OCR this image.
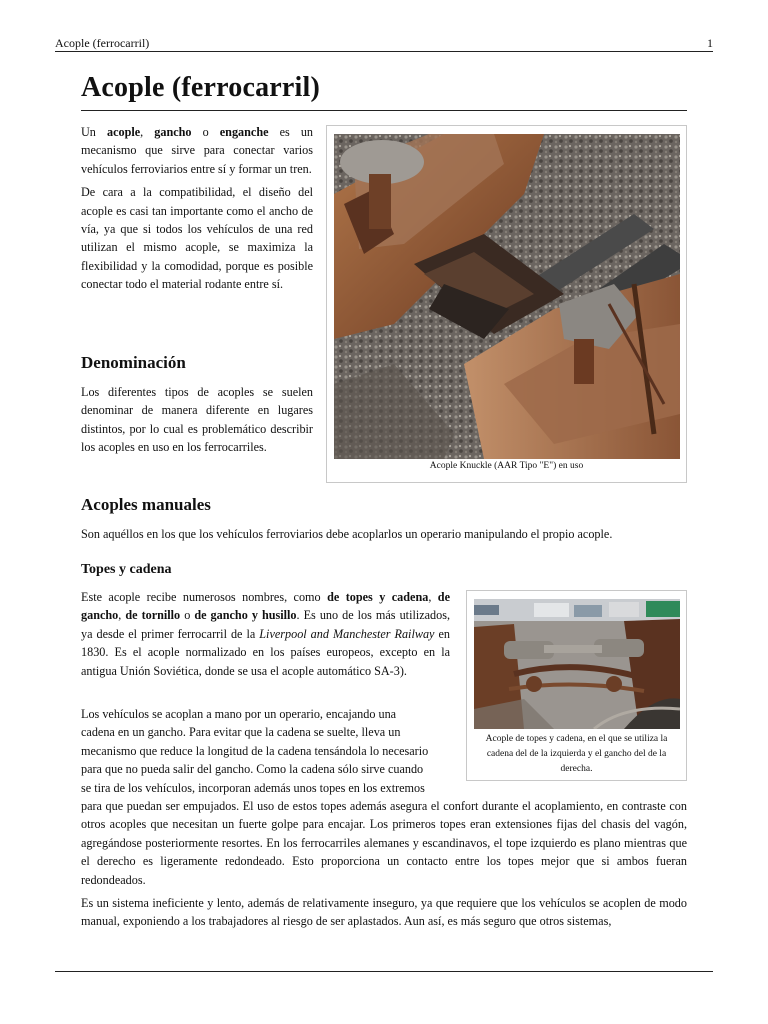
Acople (ferrocarril)	1
Acople (ferrocarril)

Un acople, gancho o enganche es un mecanismo que sirve para conectar varios vehículos ferroviarios entre sí y formar un tren.

De cara a la compatibilidad, el diseño del acople es casi tan importante como el ancho de vía, ya que si todos los vehículos de una red utilizan el mismo acople, se maximiza la flexibilidad y la comodidad, porque es posible conectar todo el material rodante entre sí.

Denominación

Los diferentes tipos de acoples se suelen denominar de manera diferente en lugares distintos, por lo cual es problemático describir los acoples en uso en los ferrocarriles.

Acople Knuckle (AAR Tipo "E") en uso
Acoples manuales

Son aquéllos en los que los vehículos ferroviarios debe acoplarlos un operario manipulando el propio acople.

Topes y cadena

Este acople recibe numerosos nombres, como de topes y cadena, de gancho, de tornillo o de gancho y husillo. Es uno de los más utilizados, ya desde el primer ferrocarril de la Liverpool and Manchester Railway en 1830. Es el acople normalizado en los países europeos, excepto en la antigua Unión Soviética, donde se usa el acople automático SA-3).

Los vehículos se acoplan a mano por un operario, encajando una

cadena en un gancho. Para evitar que la cadena se suelte, lleva un

mecanismo que reduce la longitud de la cadena tensándola lo necesario

para que no pueda salir del gancho. Como la cadena sólo sirve cuando

se tira de los vehículos, incorporan además unos topes en los extremos

para que puedan ser empujados. El uso de estos topes además asegura el confort durante el acoplamiento, en contraste con otros acoples que necesitan un fuerte golpe para encajar. Los primeros topes eran extensiones fijas del chasis del vagón, agregándose posteriormente resortes. En los ferrocarriles alemanes y escandinavos, el tope izquierdo es plano mientras que el derecho es ligeramente redondeado. Esto proporciona un contacto entre los topes mejor que si ambos fueran redondeados.

Es un sistema ineficiente y lento, además de relativamente inseguro, ya que requiere que los vehículos se acoplen de modo manual, exponiendo a los trabajadores al riesgo de ser aplastados. Aun así, es más seguro que otros sistemas,

Acople de topes y cadena, en el que se utiliza la
cadena del de la izquierda y el gancho del de la
derecha.
